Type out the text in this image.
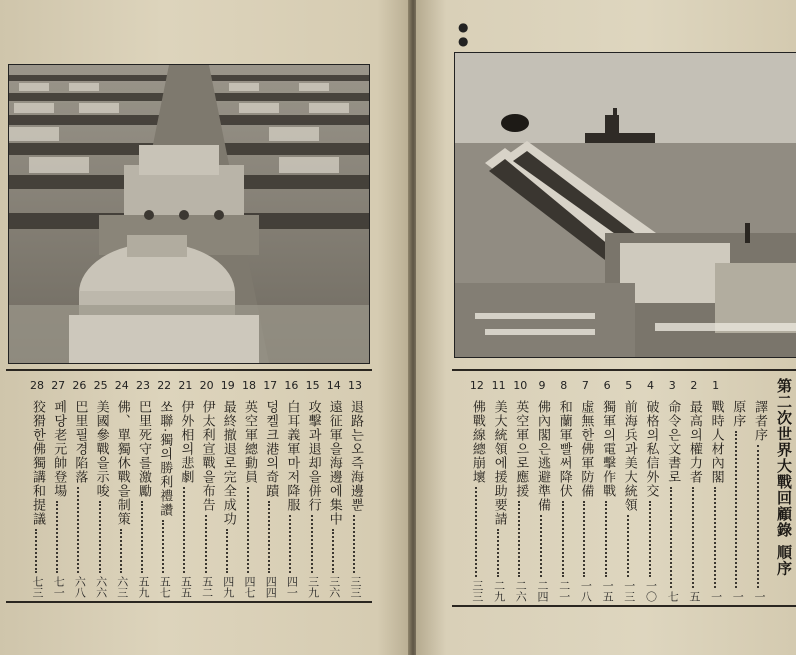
13
退路는오즉海邊뿐
三三
14
遠征軍을海邊에集中
三六
15
攻擊과退却을併行
三九
16
白耳義軍마저降服
四一
17
덩켈크港의奇蹟
四四
18
英空軍總動員
四七
19
最終撤退로完全成功
四九
20
伊太利宣戰을布告
五二
21
伊外相의悲劇
五五
22
쏘聯·獨의勝利禮讚
五七
23
巴里死守를激勵
五九
24
佛、單獨休戰을制策
六三
25
美國參戰을示唆
六六
26
巴里필경陷落
六八
27
페당老元帥登場
七一
28
狡猾한佛獨講和提議
七三
●
●
譯者序
一
原序
一
1
戰時人材內閣
一
2
最高의權力者
五
3
命令은文書로
七
4
破格의私信外交
一〇
5
前海兵과美大統領
一三
6
獨軍의電擊作戰
一五
7
虛無한佛軍防備
一八
8
和蘭軍빨써降伏
二一
9
佛內閣은逃避準備
二四
10
英空軍으로應援
二六
11
美大統領에援助要請
二九
12
佛戰線總崩壞
三三
第二次世界大戰回顧錄 順序
